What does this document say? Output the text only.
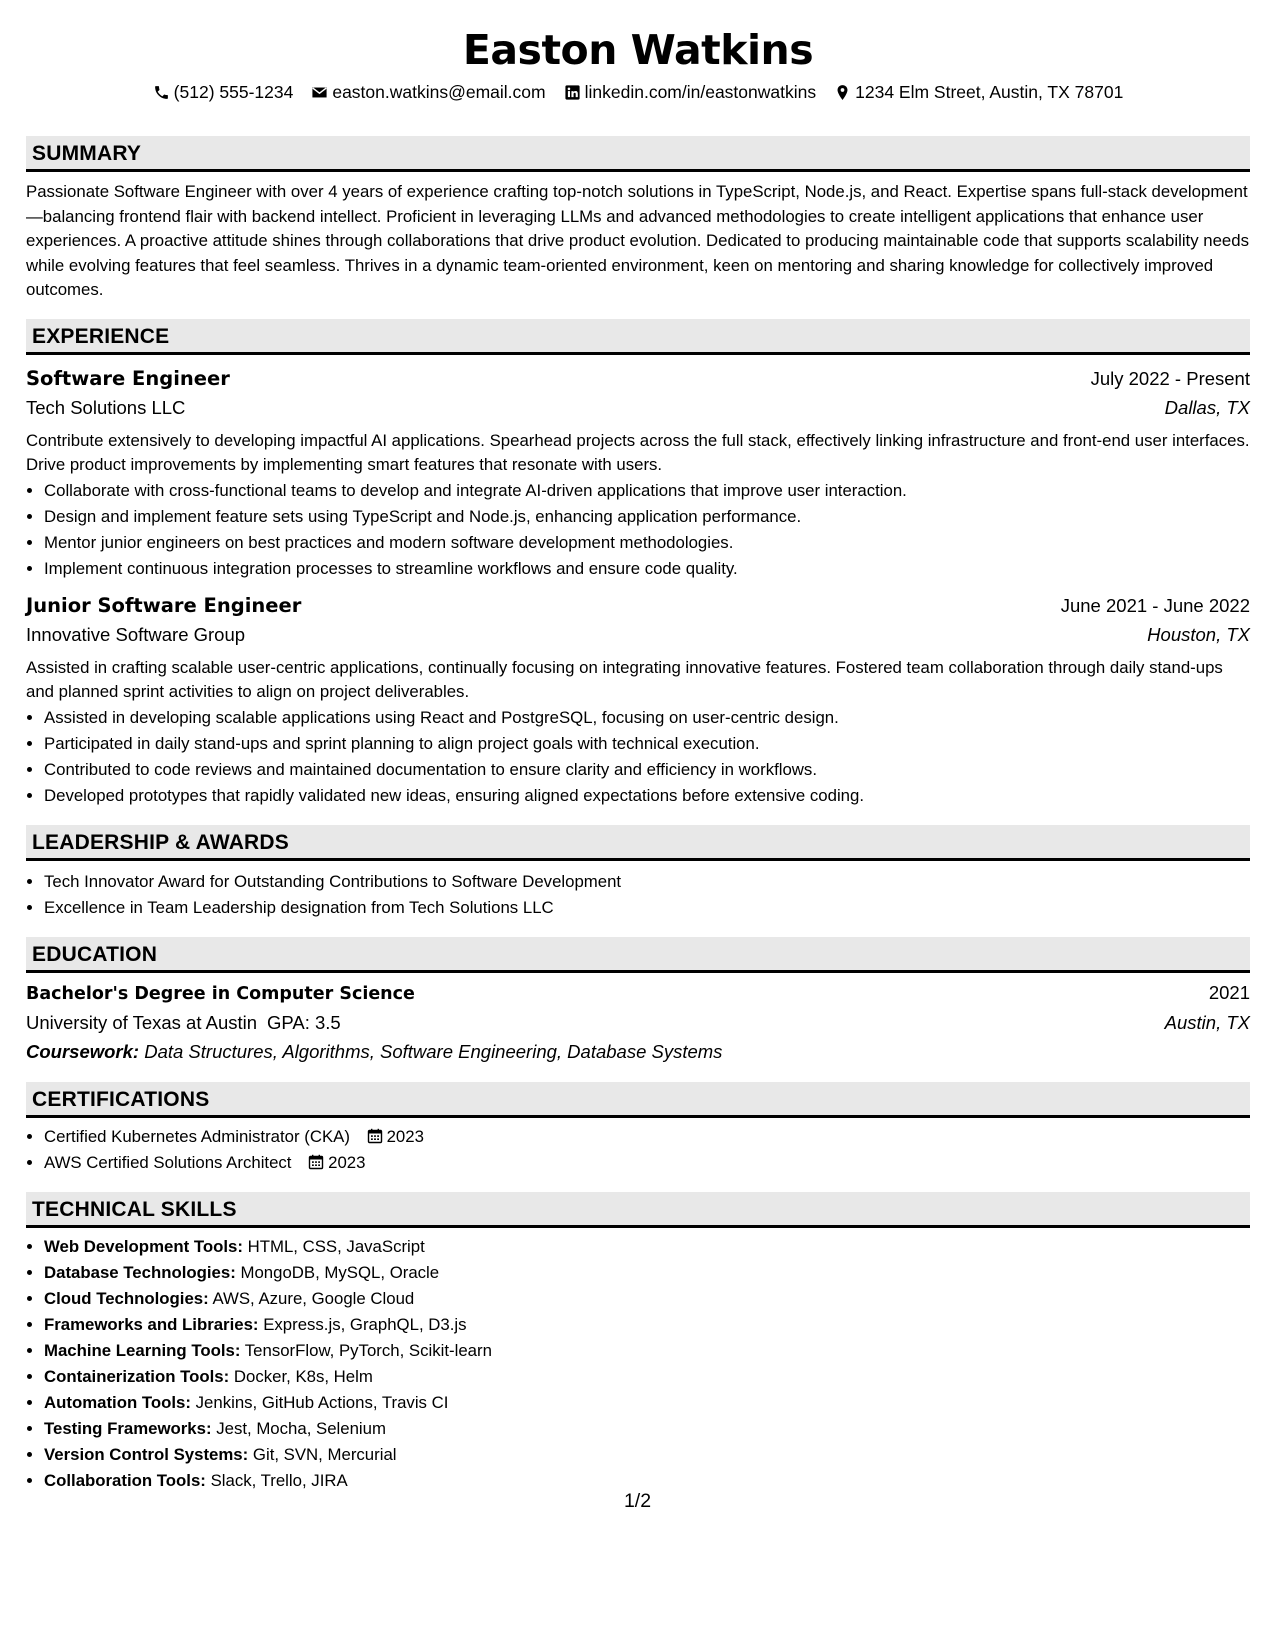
Easton Watkins
(512) 555-1234 easton.watkins@email.com linkedin.com/in/eastonwatkins 1234 Elm Street, Austin, TX 78701
SUMMARY

Passionate Software Engineer with over 4 years of experience crafting top-notch solutions in TypeScript, Node.js, and React. Expertise spans full-stack development—balancing frontend flair with backend intellect. Proficient in leveraging LLMs and advanced methodologies to create intelligent applications that enhance user experiences. A proactive attitude shines through collaborations that drive product evolution. Dedicated to producing maintainable code that supports scalability needs while evolving features that feel seamless. Thrives in a dynamic team-oriented environment, keen on mentoring and sharing knowledge for collectively improved outcomes.

EXPERIENCE
Software Engineer	July 2022 - Present
Tech Solutions LLC	Dallas, TX

Contribute extensively to developing impactful AI applications. Spearhead projects across the full stack, effectively linking infrastructure and front-end user interfaces. Drive product improvements by implementing smart features that resonate with users.

• Collaborate with cross-functional teams to develop and integrate AI-driven applications that improve user interaction.
• Design and implement feature sets using TypeScript and Node.js, enhancing application performance.
• Mentor junior engineers on best practices and modern software development methodologies.
• Implement continuous integration processes to streamline workflows and ensure code quality.
Junior Software Engineer	June 2021 - June 2022
Innovative Software Group	Houston, TX

Assisted in crafting scalable user-centric applications, continually focusing on integrating innovative features. Fostered team collaboration through daily stand-ups and planned sprint activities to align on project deliverables.

• Assisted in developing scalable applications using React and PostgreSQL, focusing on user-centric design.
• Participated in daily stand-ups and sprint planning to align project goals with technical execution.
• Contributed to code reviews and maintained documentation to ensure clarity and efficiency in workflows.
• Developed prototypes that rapidly validated new ideas, ensuring aligned expectations before extensive coding.
LEADERSHIP & AWARDS
• Tech Innovator Award for Outstanding Contributions to Software Development
• Excellence in Team Leadership designation from Tech Solutions LLC
EDUCATION
Bachelor's Degree in Computer Science	2021
University of Texas at Austin GPA: 3.5	Austin, TX
Coursework: Data Structures, Algorithms, Software Engineering, Database Systems
CERTIFICATIONS
• Certified Kubernetes Administrator (CKA) 2023
• AWS Certified Solutions Architect 2023
TECHNICAL SKILLS
• Web Development Tools: HTML, CSS, JavaScript
• Database Technologies: MongoDB, MySQL, Oracle
• Cloud Technologies: AWS, Azure, Google Cloud
• Frameworks and Libraries: Express.js, GraphQL, D3.js
• Machine Learning Tools: TensorFlow, PyTorch, Scikit-learn
• Containerization Tools: Docker, K8s, Helm
• Automation Tools: Jenkins, GitHub Actions, Travis CI
• Testing Frameworks: Jest, Mocha, Selenium
• Version Control Systems: Git, SVN, Mercurial
• Collaboration Tools: Slack, Trello, JIRA
1/2
